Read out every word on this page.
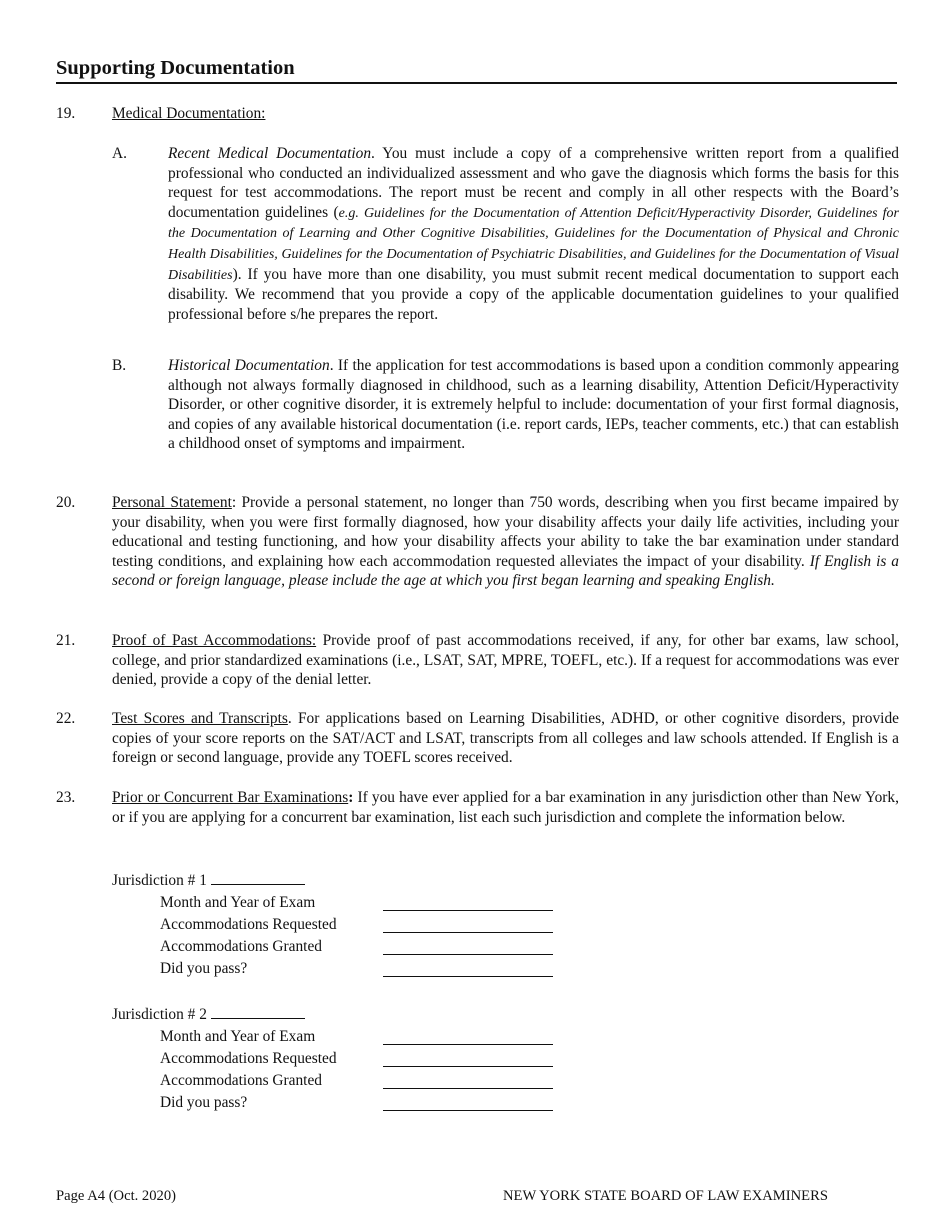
Supporting Documentation
19. Medical Documentation:
A.	Recent Medical Documentation. You must include a copy of a comprehensive written report from a qualified professional who conducted an individualized assessment and who gave the diagnosis which forms the basis for this request for test accommodations. The report must be recent and comply in all other respects with the Board’s documentation guidelines (e.g. Guidelines for the Documentation of Attention Deficit/Hyperactivity Disorder, Guidelines for the Documentation of Learning and Other Cognitive Disabilities, Guidelines for the Documentation of Physical and Chronic Health Disabilities, Guidelines for the Documentation of Psychiatric Disabilities, and Guidelines for the Documentation of Visual Disabilities). If you have more than one disability, you must submit recent medical documentation to support each disability. We recommend that you provide a copy of the applicable documentation guidelines to your qualified professional before s/he prepares the report.

B.	Historical Documentation. If the application for test accommodations is based upon a condition commonly appearing although not always formally diagnosed in childhood, such as a learning disability, Attention Deficit/Hyperactivity Disorder, or other cognitive disorder, it is extremely helpful to include: documentation of your first formal diagnosis, and copies of any available historical documentation (i.e. report cards, IEPs, teacher comments, etc.) that can establish a childhood onset of symptoms and impairment.

20. Personal Statement: Provide a personal statement, no longer than 750 words, describing when you first became impaired by your disability, when you were first formally diagnosed, how your disability affects your daily life activities, including your educational and testing functioning, and how your disability affects your ability to take the bar examination under standard testing conditions, and explaining how each accommodation requested alleviates the impact of your disability. If English is a second or foreign language, please include the age at which you first began learning and speaking English.

21. Proof of Past Accommodations: Provide proof of past accommodations received, if any, for other bar exams, law school, college, and prior standardized examinations (i.e., LSAT, SAT, MPRE, TOEFL, etc.). If a request for accommodations was ever denied, provide a copy of the denial letter.

22. Test Scores and Transcripts. For applications based on Learning Disabilities, ADHD, or other cognitive disorders, provide copies of your score reports on the SAT/ACT and LSAT, transcripts from all colleges and law schools attended. If English is a foreign or second language, provide any TOEFL scores received.

23. Prior or Concurrent Bar Examinations: If you have ever applied for a bar examination in any jurisdiction other than New York, or if you are applying for a concurrent bar examination, list each such jurisdiction and complete the information below.

Jurisdiction # 1
Month and Year of Exam
Accommodations Requested
Accommodations Granted
Did you pass?
Jurisdiction # 2
Month and Year of Exam
Accommodations Requested
Accommodations Granted
Did you pass?
Page A4 (Oct. 2020)	NEW YORK STATE BOARD OF LAW EXAMINERS
